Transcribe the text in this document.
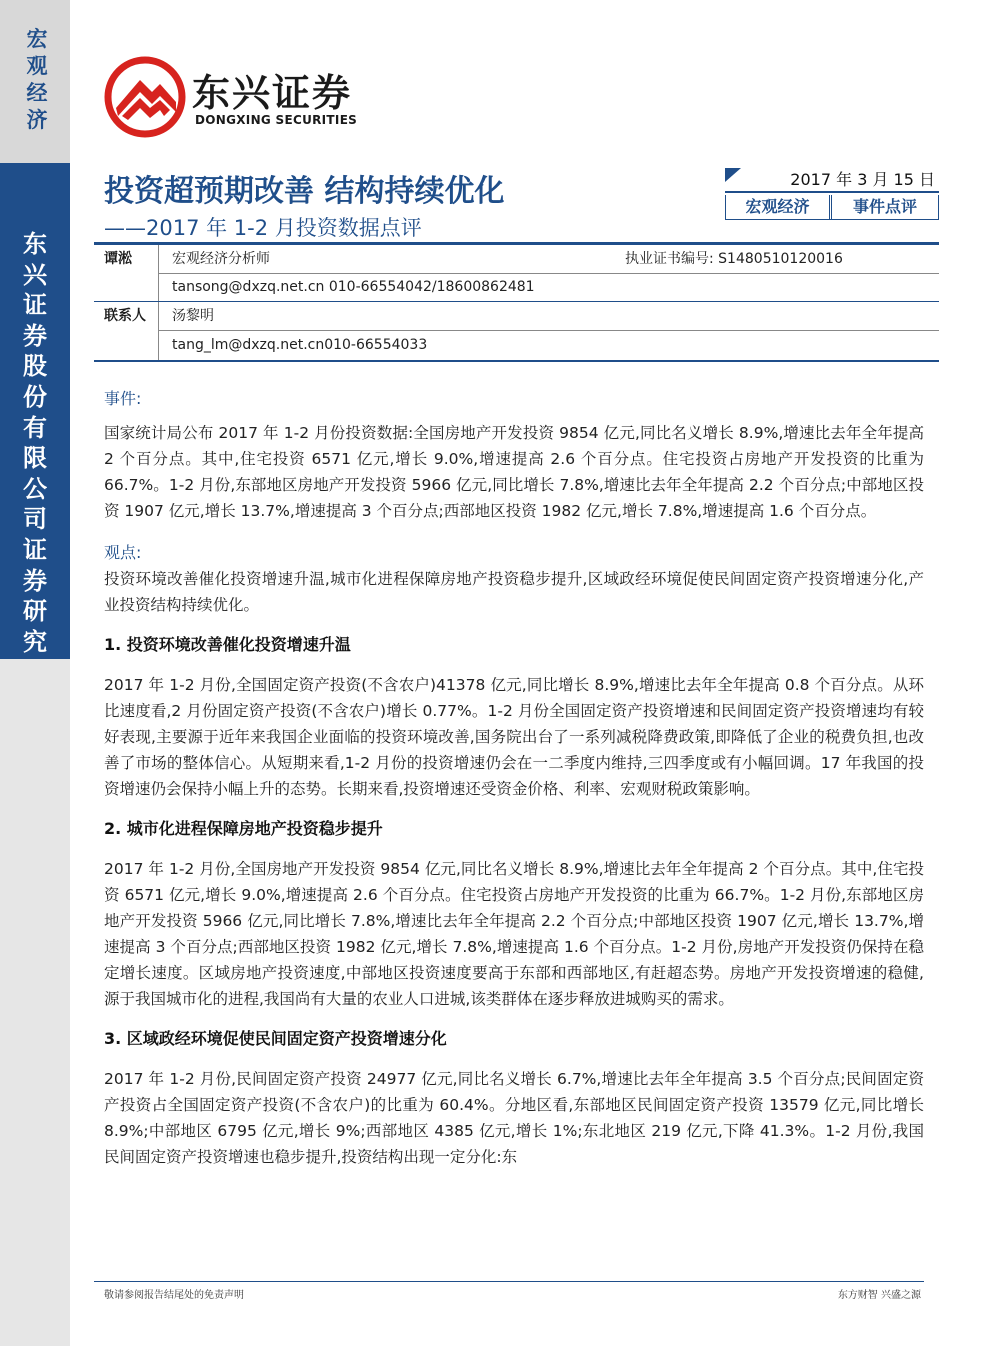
宏观经济
东兴证券股份有限公司证券研究
东兴证券
DONGXING SECURITIES
投资超预期改善 结构持续优化
——2017 年 1-2 月投资数据点评
2017 年 3 月 15 日
宏观经济	事件点评
谭淞	宏观经济分析师	执业证书编号: S1480510120016
tansong@dxzq.net.cn 010-66554042/18600862481
联系人 汤黎明
tang_lm@dxzq.net.cn010-66554033
事件:

国家统计局公布 2017 年 1-2 月份投资数据:全国房地产开发投资 9854 亿元,同比名义增长 8.9%,增速比去年全年提高 2 个百分点。其中,住宅投资 6571 亿元,增长 9.0%,增速提高 2.6 个百分点。住宅投资占房地产开发投资的比重为 66.7%。1-2 月份,东部地区房地产开发投资 5966 亿元,同比增长 7.8%,增速比去年全年提高 2.2 个百分点;中部地区投资 1907 亿元,增长 13.7%,增速提高 3 个百分点;西部地区投资 1982 亿元,增长 7.8%,增速提高 1.6 个百分点。

观点:

投资环境改善催化投资增速升温,城市化进程保障房地产投资稳步提升,区域政经环境促使民间固定资产投资增速分化,产业投资结构持续优化。

1. 投资环境改善催化投资增速升温

2017 年 1-2 月份,全国固定资产投资(不含农户)41378 亿元,同比增长 8.9%,增速比去年全年提高 0.8 个百分点。从环比速度看,2 月份固定资产投资(不含农户)增长 0.77%。1-2 月份全国固定资产投资增速和民间固定资产投资增速均有较好表现,主要源于近年来我国企业面临的投资环境改善,国务院出台了一系列减税降费政策,即降低了企业的税费负担,也改善了市场的整体信心。从短期来看,1-2 月份的投资增速仍会在一二季度内维持,三四季度或有小幅回调。17 年我国的投资增速仍会保持小幅上升的态势。长期来看,投资增速还受资金价格、利率、宏观财税政策影响。

2. 城市化进程保障房地产投资稳步提升

2017 年 1-2 月份,全国房地产开发投资 9854 亿元,同比名义增长 8.9%,增速比去年全年提高 2 个百分点。其中,住宅投资 6571 亿元,增长 9.0%,增速提高 2.6 个百分点。住宅投资占房地产开发投资的比重为 66.7%。1-2 月份,东部地区房地产开发投资 5966 亿元,同比增长 7.8%,增速比去年全年提高 2.2 个百分点;中部地区投资 1907 亿元,增长 13.7%,增速提高 3 个百分点;西部地区投资 1982 亿元,增长 7.8%,增速提高 1.6 个百分点。1-2 月份,房地产开发投资仍保持在稳定增长速度。区域房地产投资速度,中部地区投资速度要高于东部和西部地区,有赶超态势。房地产开发投资增速的稳健,源于我国城市化的进程,我国尚有大量的农业人口进城,该类群体在逐步释放进城购买的需求。

3. 区域政经环境促使民间固定资产投资增速分化

2017 年 1-2 月份,民间固定资产投资 24977 亿元,同比名义增长 6.7%,增速比去年全年提高 3.5 个百分点;民间固定资产投资占全国固定资产投资(不含农户)的比重为 60.4%。分地区看,东部地区民间固定资产投资 13579 亿元,同比增长 8.9%;中部地区 6795 亿元,增长 9%;西部地区 4385 亿元,增长 1%;东北地区 219 亿元,下降 41.3%。1-2 月份,我国民间固定资产投资增速也稳步提升,投资结构出现一定分化:东

敬请参阅报告结尾处的免责声明	东方财智 兴盛之源
